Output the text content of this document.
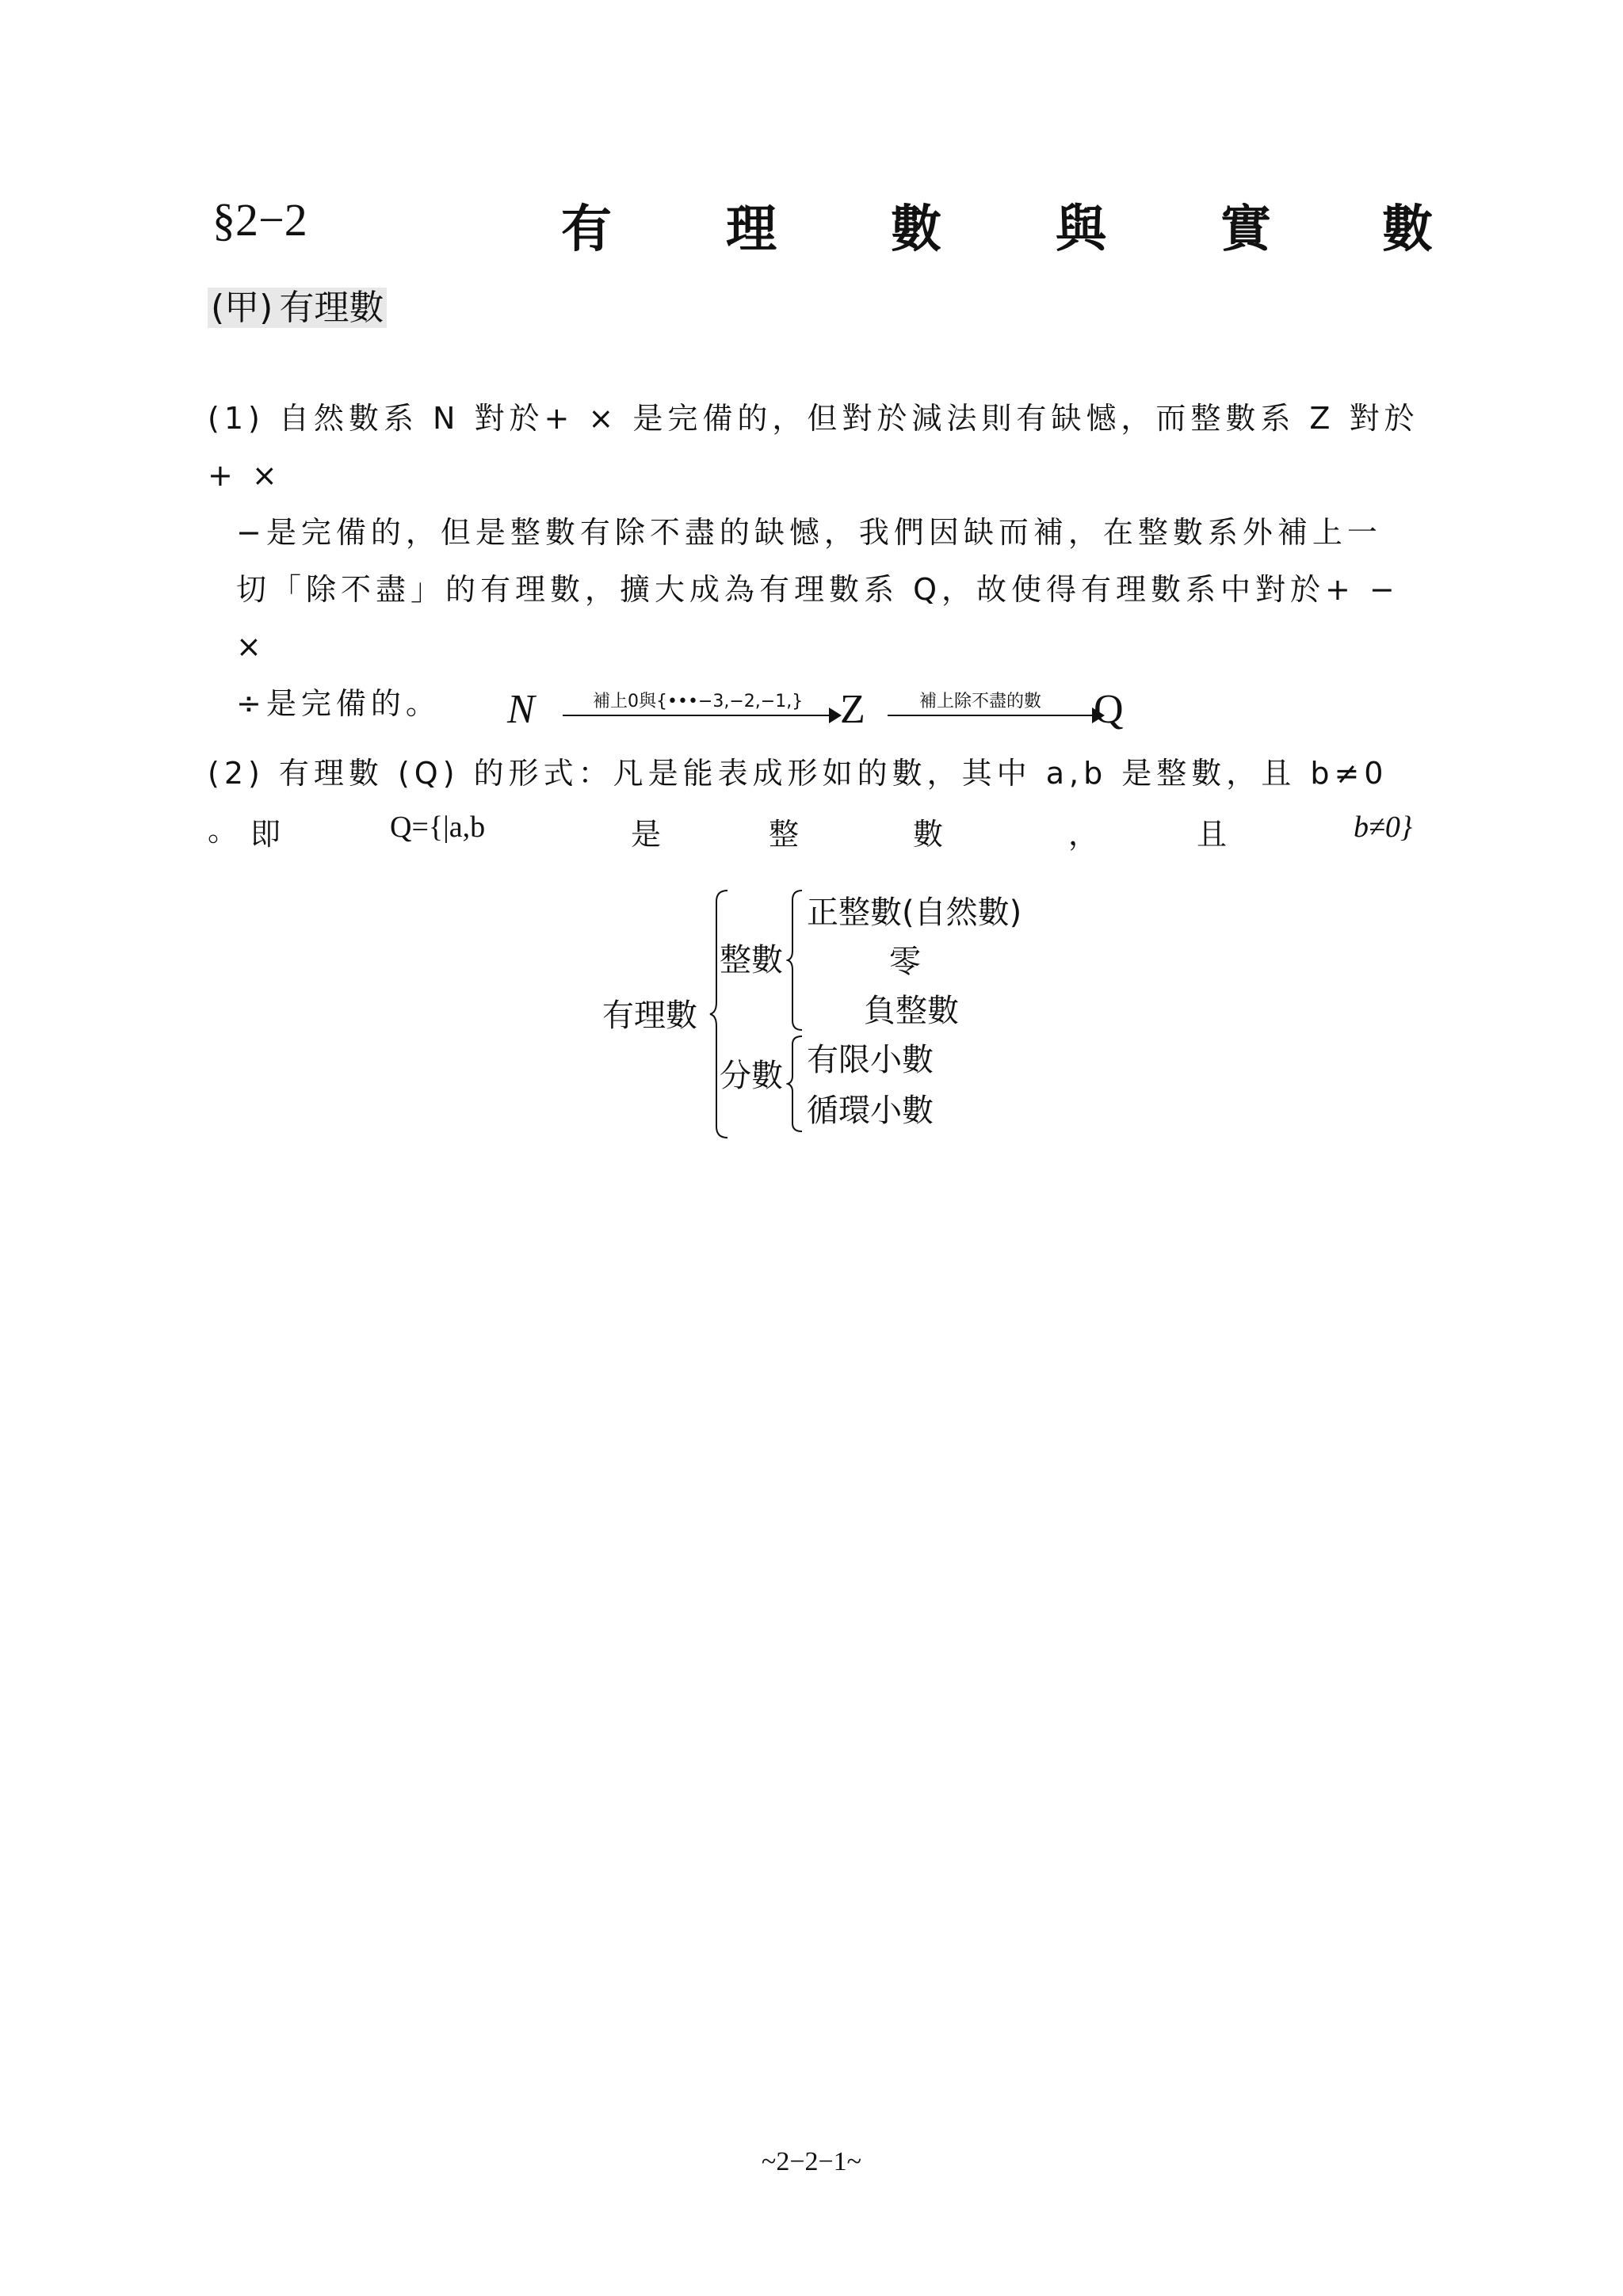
§2−2	有 理 數 與 實 數
(甲) 有理數
(1) 自然數系 N 對於+ × 是完備的，但對於減法則有缺憾，而整數系 Z 對於+ ×
−是完備的，但是整數有除不盡的缺憾，我們因缺而補，在整數系外補上一
切「除不盡」的有理數，擴大成為有理數系 Q，故使得有理數系中對於+ − ×
÷是完備的。	N	補上0與{•••−3,−2,−1,} Z	補上除不盡的數 Q
(2) 有理數 (Q) 的形式：凡是能表成形如的數，其中 a,b 是整數，且 b≠0 。 即	Q={|a,b	是	整	數	，	且	b≠0}
有理數
整數
正整數(自然數)
零
負整數
分數 有限小數
循環小數
~2−2−1~
